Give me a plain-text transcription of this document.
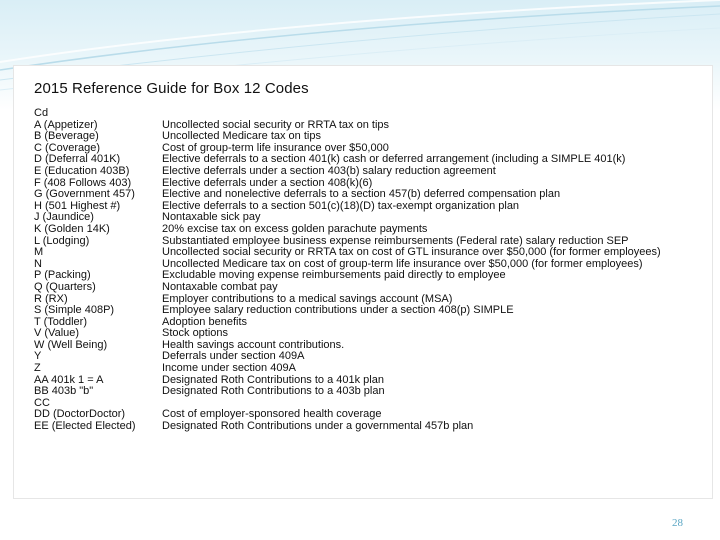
2015 Reference Guide for Box 12 Codes
Cd
A (Appetizer)	Uncollected social security or RRTA tax on tips
B (Beverage)	Uncollected Medicare tax on tips
C (Coverage)	Cost of group-term life insurance over $50,000
D (Deferral 401K)	Elective deferrals to a section 401(k) cash or deferred arrangement (including a SIMPLE 401(k)
E (Education 403B)	Elective deferrals under a section 403(b) salary reduction agreement
F (408 Follows 403)	Elective deferrals under a section 408(k)(6)
G (Government 457) Elective and nonelective deferrals to a section 457(b) deferred compensation plan
H (501 Highest #)	Elective deferrals to a section 501(c)(18)(D) tax-exempt organization plan
J (Jaundice)	Nontaxable sick pay
K (Golden 14K)	20% excise tax on excess golden parachute payments
L (Lodging)	Substantiated employee business expense reimbursements (Federal rate) salary reduction SEP
M	Uncollected social security or RRTA tax on cost of GTL insurance over $50,000 (for former employees)
N	Uncollected Medicare tax on cost of group-term life insurance over $50,000 (for former employees)
P (Packing)	Excludable moving expense reimbursements paid directly to employee
Q (Quarters)	Nontaxable combat pay
R (RX)	Employer contributions to a medical savings account (MSA)
S (Simple 408P)	Employee salary reduction contributions under a section 408(p) SIMPLE
T (Toddler)	Adoption benefits
V (Value)	Stock options
W (Well Being)	Health savings account contributions.
Y	Deferrals under section 409A
Z	Income under section 409A
AA 401k 1 = A	Designated Roth Contributions to a 401k plan
BB 403b "b"	Designated Roth Contributions to a 403b plan
CC
DD (DoctorDoctor)	Cost of employer-sponsored health coverage
EE (Elected Elected) Designated Roth Contributions under a governmental 457b plan
28
